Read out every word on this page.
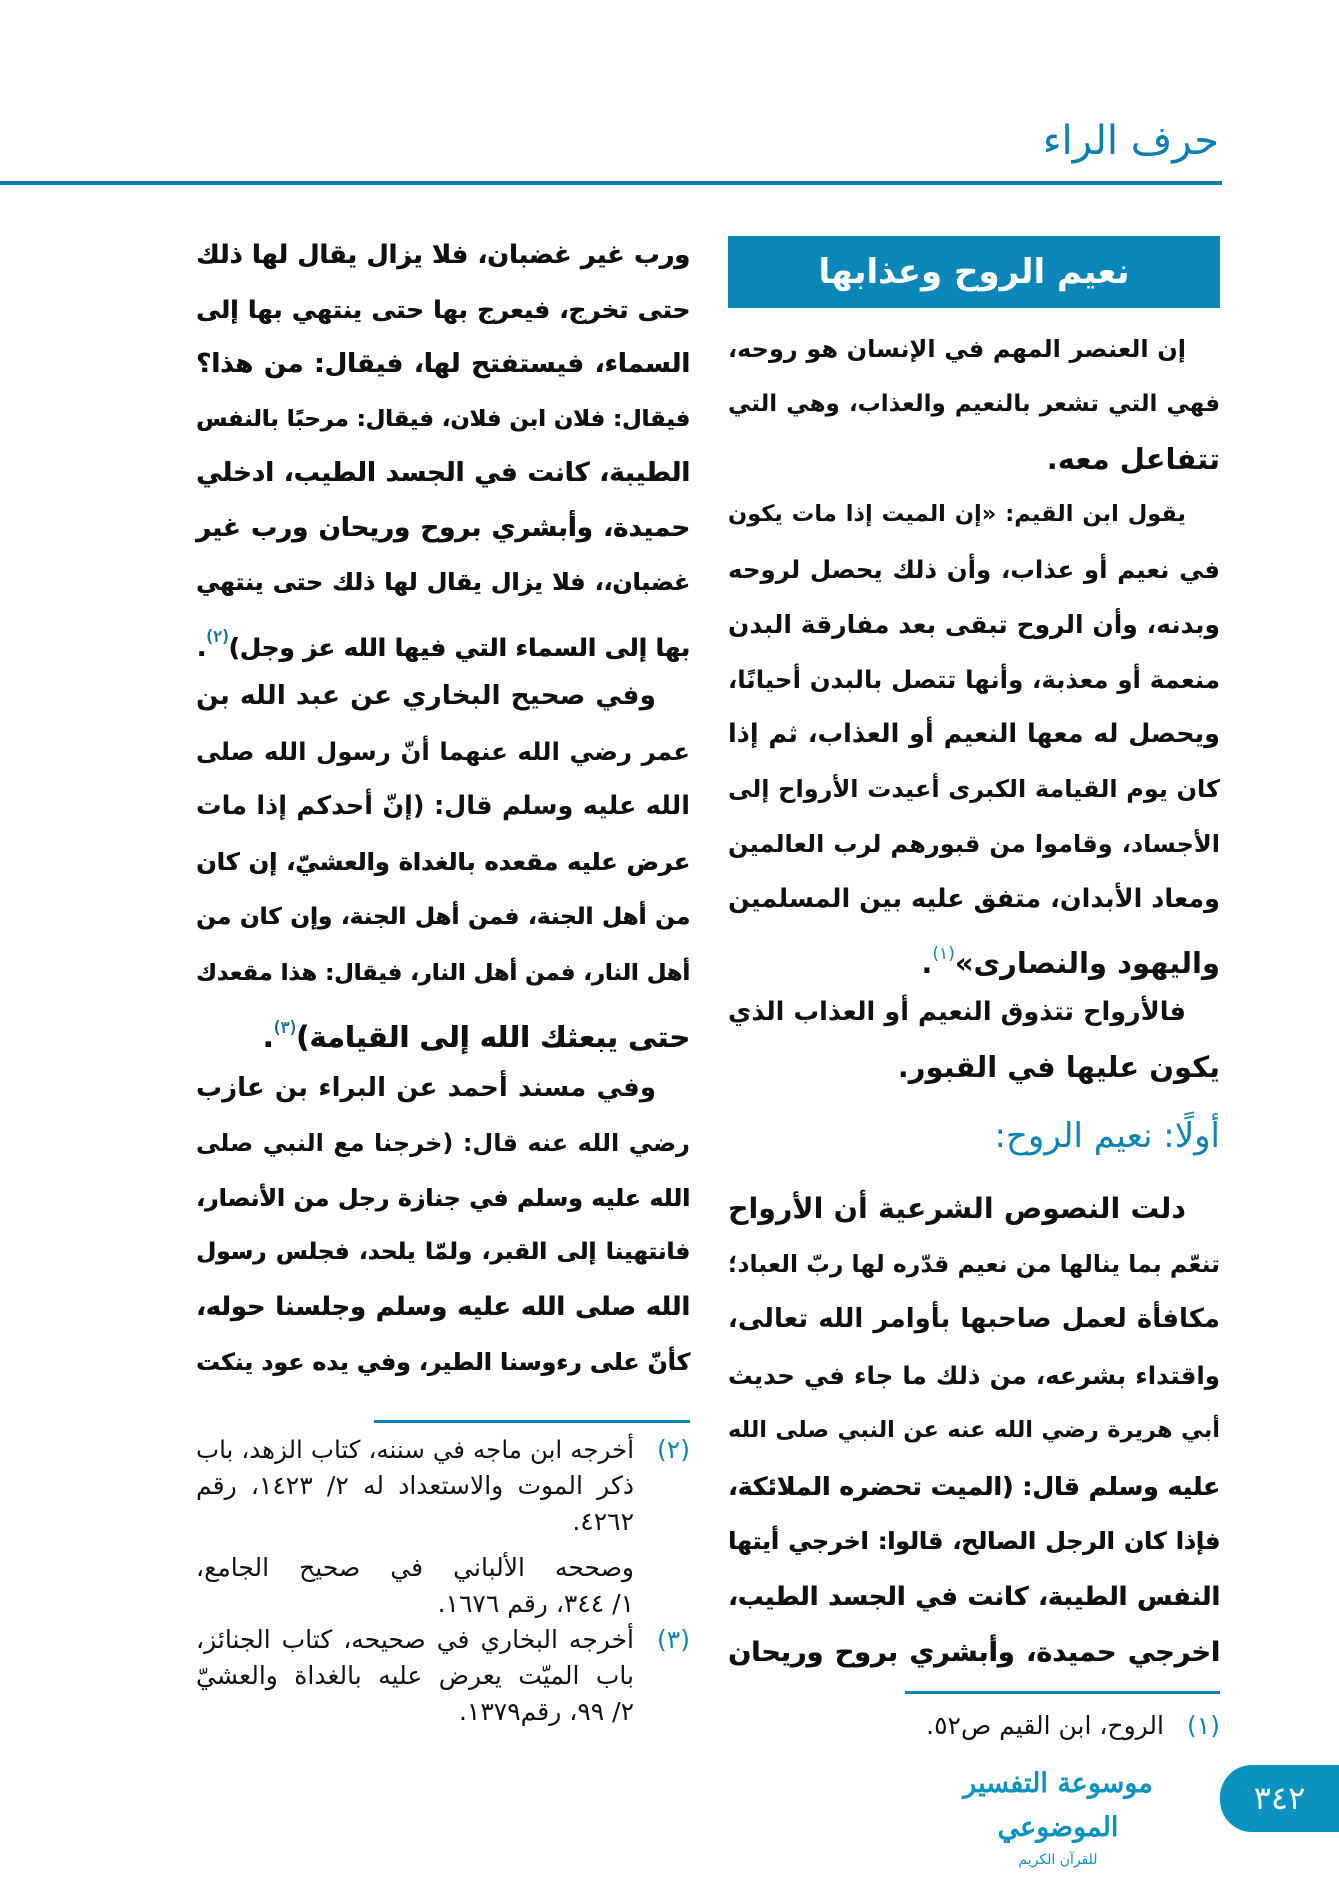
حرف الراء
نعيم الروح وعذابها
إن العنصر المهم في الإنسان هو روحه،
فهي التي تشعر بالنعيم والعذاب، وهي التي
تتفاعل معه.
يقول ابن القيم: «إن الميت إذا مات يكون
في نعيم أو عذاب، وأن ذلك يحصل لروحه
وبدنه، وأن الروح تبقى بعد مفارقة البدن
منعمة أو معذبة، وأنها تتصل بالبدن أحيانًا،
ويحصل له معها النعيم أو العذاب، ثم إذا
كان يوم القيامة الكبرى أعيدت الأرواح إلى
الأجساد، وقاموا من قبورهم لرب العالمين
ومعاد الأبدان، متفق عليه بين المسلمين
واليهود والنصارى»$^{(١)}$.
فالأرواح تتذوق النعيم أو العذاب الذي
يكون عليها في القبور.
أولًا: نعيم الروح:
دلت النصوص الشرعية أن الأرواح
تنعّم بما ينالها من نعيم قدّره لها ربّ العباد؛
مكافأة لعمل صاحبها بأوامر الله تعالى،
واقتداء بشرعه، من ذلك ما جاء في حديث
أبي هريرة رضي الله عنه عن النبي صلى الله
عليه وسلم قال: (الميت تحضره الملائكة،
فإذا كان الرجل الصالح، قالوا: اخرجي أيتها
النفس الطيبة، كانت في الجسد الطيب،
اخرجي حميدة، وأبشري بروح وريحان
(١)
الروح، ابن القيم ص٥٢.
ورب غير غضبان، فلا يزال يقال لها ذلك
حتى تخرج، فيعرج بها حتى ينتهي بها إلى
السماء، فيستفتح لها، فيقال: من هذا؟
فيقال: فلان ابن فلان، فيقال: مرحبًا بالنفس
الطيبة، كانت في الجسد الطيب، ادخلي
حميدة، وأبشري بروح وريحان ورب غير
غضبان،، فلا يزال يقال لها ذلك حتى ينتهي
بها إلى السماء التي فيها الله عز وجل)$^{(٢)}$.
وفي صحيح البخاري عن عبد الله بن
عمر رضي الله عنهما أنّ رسول الله صلى
الله عليه وسلم قال: (إنّ أحدكم إذا مات
عرض عليه مقعده بالغداة والعشيّ، إن كان
من أهل الجنة، فمن أهل الجنة، وإن كان من
أهل النار، فمن أهل النار، فيقال: هذا مقعدك
حتى يبعثك الله إلى القيامة)$^{(٣)}$.
وفي مسند أحمد عن البراء بن عازب
رضي الله عنه قال: (خرجنا مع النبي صلى
الله عليه وسلم في جنازة رجل من الأنصار،
فانتهينا إلى القبر، ولمّا يلحد، فجلس رسول
الله صلى الله عليه وسلم وجلسنا حوله،
كأنّ على رءوسنا الطير، وفي يده عود ينكت
(٢)
أخرجه ابن ماجه في سننه، كتاب الزهد، باب
ذكر الموت والاستعداد له ٢/ ١٤٢٣، رقم
٤٢٦٢.
وصححه الألباني في صحيح الجامع،
١/ ٣٤٤، رقم ١٦٧٦.
(٣)
أخرجه البخاري في صحيحه، كتاب الجنائز،
باب الميّت يعرض عليه بالغداة والعشيّ
٢/ ٩٩، رقم١٣٧٩.
موسوعة التفسير الموضوعي
للقرآن الكريم
٣٤٢
